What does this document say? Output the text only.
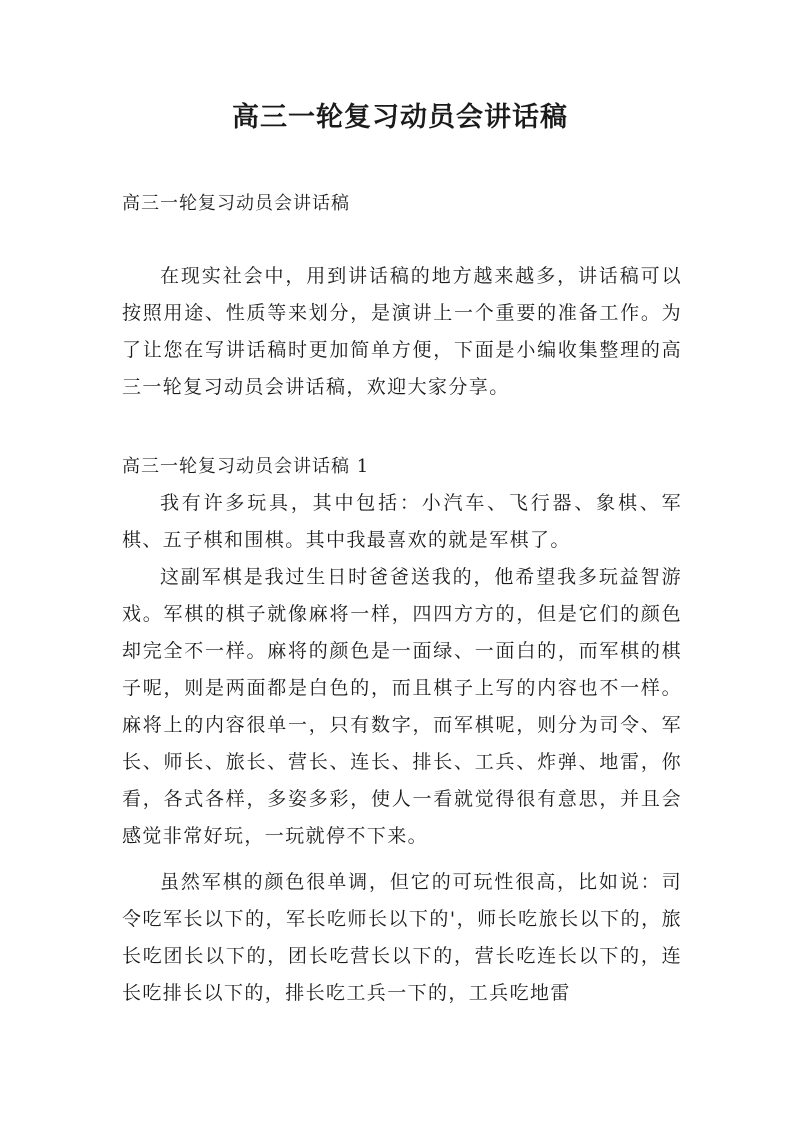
高三一轮复习动员会讲话稿
高三一轮复习动员会讲话稿
在现实社会中，用到讲话稿的地方越来越多，讲话稿可以按照用途、性质等来划分，是演讲上一个重要的准备工作。为了让您在写讲话稿时更加简单方便，下面是小编收集整理的高三一轮复习动员会讲话稿，欢迎大家分享。
高三一轮复习动员会讲话稿 1
我有许多玩具，其中包括：小汽车、飞行器、象棋、军棋、五子棋和围棋。其中我最喜欢的就是军棋了。
这副军棋是我过生日时爸爸送我的，他希望我多玩益智游戏。军棋的棋子就像麻将一样，四四方方的，但是它们的颜色却完全不一样。麻将的颜色是一面绿、一面白的，而军棋的棋子呢，则是两面都是白色的，而且棋子上写的内容也不一样。麻将上的内容很单一，只有数字，而军棋呢，则分为司令、军长、师长、旅长、营长、连长、排长、工兵、炸弹、地雷，你看，各式各样，多姿多彩，使人一看就觉得很有意思，并且会感觉非常好玩，一玩就停不下来。
虽然军棋的颜色很单调，但它的可玩性很高，比如说：司令吃军长以下的，军长吃师长以下的'，师长吃旅长以下的，旅长吃团长以下的，团长吃营长以下的，营长吃连长以下的，连长吃排长以下的，排长吃工兵一下的，工兵吃地雷
